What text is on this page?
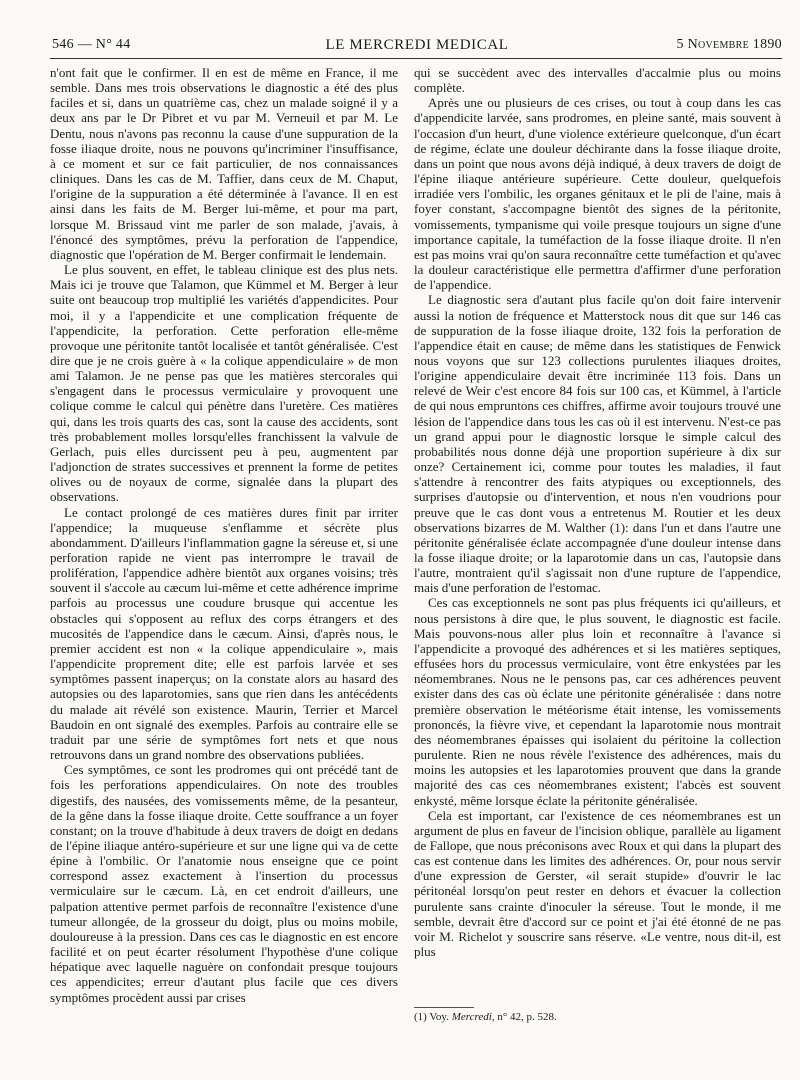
546 — N° 44	LE MERCREDI MEDICAL	5 Novembre 1890

n'ont fait que le confirmer. Il en est de même en France, il me semble. Dans mes trois observations le diagnostic a été des plus faciles et si, dans un quatrième cas, chez un malade soigné il y a deux ans par le Dr Pibret et vu par M. Verneuil et par M. Le Dentu, nous n'avons pas reconnu la cause d'une suppuration de la fosse iliaque droite, nous ne pouvons qu'incriminer l'insuffisance, à ce moment et sur ce fait particulier, de nos connaissances cliniques. Dans les cas de M. Taffier, dans ceux de M. Chaput, l'origine de la suppuration a été déterminée à l'avance. Il en est ainsi dans les faits de M. Berger lui-même, et pour ma part, lorsque M. Brissaud vint me parler de son malade, j'avais, à l'énoncé des symptômes, prévu la perforation de l'appendice, diagnostic que l'opération de M. Berger confirmait le lendemain.

Le plus souvent, en effet, le tableau clinique est des plus nets. Mais ici je trouve que Talamon, que Kümmel et M. Berger à leur suite ont beaucoup trop multiplié les variétés d'appendicites. Pour moi, il y a l'appendicite et une complication fréquente de l'appendicite, la perforation. Cette perforation elle-même provoque une péritonite tantôt localisée et tantôt généralisée. C'est dire que je ne crois guère à « la colique appendiculaire » de mon ami Talamon. Je ne pense pas que les matières stercorales qui s'engagent dans le processus vermiculaire y provoquent une colique comme le calcul qui pénètre dans l'uretère. Ces matières qui, dans les trois quarts des cas, sont la cause des accidents, sont très probablement molles lorsqu'elles franchissent la valvule de Gerlach, puis elles durcissent peu à peu, augmentent par l'adjonction de strates successives et prennent la forme de petites olives ou de noyaux de corme, signalée dans la plupart des observations.

Le contact prolongé de ces matières dures finit par irriter l'appendice; la muqueuse s'enflamme et sécrète plus abondamment. D'ailleurs l'inflammation gagne la séreuse et, si une perforation rapide ne vient pas interrompre le travail de prolifération, l'appendice adhère bientôt aux organes voisins; très souvent il s'accole au cæcum lui-même et cette adhérence imprime parfois au processus une coudure brusque qui accentue les obstacles qui s'opposent au reflux des corps étrangers et des mucosités de l'appendice dans le cæcum. Ainsi, d'après nous, le premier accident est non « la colique appendiculaire », mais l'appendicite proprement dite; elle est parfois larvée et ses symptômes passent inaperçus; on la constate alors au hasard des autopsies ou des laparotomies, sans que rien dans les antécédents du malade ait révélé son existence. Maurin, Terrier et Marcel Baudoin en ont signalé des exemples. Parfois au contraire elle se traduit par une série de symptômes fort nets et que nous retrouvons dans un grand nombre des observations publiées.

Ces symptômes, ce sont les prodromes qui ont précédé tant de fois les perforations appendiculaires. On note des troubles digestifs, des nausées, des vomissements même, de la pesanteur, de la gêne dans la fosse iliaque droite. Cette souffrance a un foyer constant; on la trouve d'habitude à deux travers de doigt en dedans de l'épine iliaque antéro-supérieure et sur une ligne qui va de cette épine à l'ombilic. Or l'anatomie nous enseigne que ce point correspond assez exactement à l'insertion du processus vermiculaire sur le cæcum. Là, en cet endroit d'ailleurs, une palpation attentive permet parfois de reconnaître l'existence d'une tumeur allongée, de la grosseur du doigt, plus ou moins mobile, douloureuse à la pression. Dans ces cas le diagnostic en est encore facilité et on peut écarter résolument l'hypothèse d'une colique hépatique avec laquelle naguère on confondait presque toujours ces appendicites; erreur d'autant plus facile que ces divers symptômes procèdent aussi par crises

qui se succèdent avec des intervalles d'accalmie plus ou moins complète.

Après une ou plusieurs de ces crises, ou tout à coup dans les cas d'appendicite larvée, sans prodromes, en pleine santé, mais souvent à l'occasion d'un heurt, d'une violence extérieure quelconque, d'un écart de régime, éclate une douleur déchirante dans la fosse iliaque droite, dans un point que nous avons déjà indiqué, à deux travers de doigt de l'épine iliaque antérieure supérieure. Cette douleur, quelquefois irradiée vers l'ombilic, les organes génitaux et le pli de l'aine, mais à foyer constant, s'accompagne bientôt des signes de la péritonite, vomissements, tympanisme qui voile presque toujours un signe d'une importance capitale, la tuméfaction de la fosse iliaque droite. Il n'en est pas moins vrai qu'on saura reconnaître cette tuméfaction et qu'avec la douleur caractéristique elle permettra d'affirmer d'une perforation de l'appendice.

Le diagnostic sera d'autant plus facile qu'on doit faire intervenir aussi la notion de fréquence et Matterstock nous dit que sur 146 cas de suppuration de la fosse iliaque droite, 132 fois la perforation de l'appendice était en cause; de même dans les statistiques de Fenwick nous voyons que sur 123 collections purulentes iliaques droites, l'origine appendiculaire devait être incriminée 113 fois. Dans un relevé de Weir c'est encore 84 fois sur 100 cas, et Kümmel, à l'article de qui nous empruntons ces chiffres, affirme avoir toujours trouvé une lésion de l'appendice dans tous les cas où il est intervenu. N'est-ce pas un grand appui pour le diagnostic lorsque le simple calcul des probabilités nous donne déjà une proportion supérieure à dix sur onze? Certainement ici, comme pour toutes les maladies, il faut s'attendre à rencontrer des faits atypiques ou exceptionnels, des surprises d'autopsie ou d'intervention, et nous n'en voudrions pour preuve que le cas dont vous a entretenus M. Routier et les deux observations bizarres de M. Walther (1): dans l'un et dans l'autre une péritonite généralisée éclate accompagnée d'une douleur intense dans la fosse iliaque droite; or la laparotomie dans un cas, l'autopsie dans l'autre, montraient qu'il s'agissait non d'une rupture de l'appendice, mais d'une perforation de l'estomac.

Ces cas exceptionnels ne sont pas plus fréquents ici qu'ailleurs, et nous persistons à dire que, le plus souvent, le diagnostic est facile. Mais pouvons-nous aller plus loin et reconnaître à l'avance si l'appendicite a provoqué des adhérences et si les matières septiques, effusées hors du processus vermiculaire, vont être enkystées par les néomembranes. Nous ne le pensons pas, car ces adhérences peuvent exister dans des cas où éclate une péritonite généralisée : dans notre première observation le météorisme était intense, les vomissements prononcés, la fièvre vive, et cependant la laparotomie nous montrait des néomembranes épaisses qui isolaient du péritoine la collection purulente. Rien ne nous révèle l'existence des adhérences, mais du moins les autopsies et les laparotomies prouvent que dans la grande majorité des cas ces néomembranes existent; l'abcès est souvent enkysté, même lorsque éclate la péritonite généralisée.

Cela est important, car l'existence de ces néomembranes est un argument de plus en faveur de l'incision oblique, parallèle au ligament de Fallope, que nous préconisons avec Roux et qui dans la plupart des cas est contenue dans les limites des adhérences. Or, pour nous servir d'une expression de Gerster, «il serait stupide» d'ouvrir le lac péritonéal lorsqu'on peut rester en dehors et évacuer la collection purulente sans crainte d'inoculer la séreuse. Tout le monde, il me semble, devrait être d'accord sur ce point et j'ai été étonné de ne pas voir M. Richelot y souscrire sans réserve. «Le ventre, nous dit-il, est plus

(1) Voy. Mercredi, n° 42, p. 528.
